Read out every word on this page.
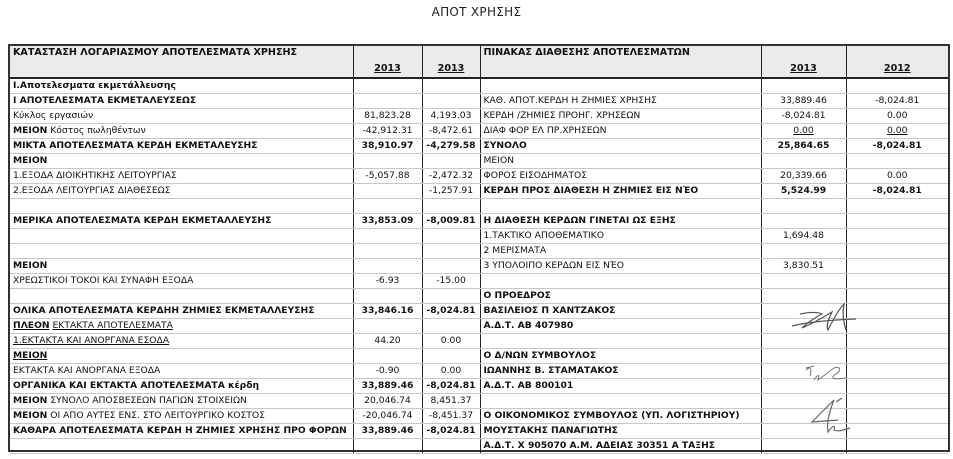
ΑΠΟΤ ΧΡΗΣΗΣ
ΚΑΤΑΣΤΑΣΗ ΛΟΓΑΡΙΑΣΜΟΥ ΑΠΟΤΕΛΕΣΜΑΤΑ ΧΡΗΣΗΣ	2013	2013	ΠΙΝΑΚΑΣ ΔΙΑΘΕΣΗΣ ΑΠΟΤΕΛΕΣΜΑΤΩΝ	2013	2012
Ι.Αποτελεσματα εκμετάλλευσης					
Ι ΑΠΟΤΕΛΕΣΜΑΤΑ ΕΚΜΕΤΑΛΕΥΣΕΩΣ			ΚΑΘ. ΑΠΟΤ.ΚΕΡΔΗ Η ΖΗΜΙΕΣ ΧΡΗΣΗΣ	33,889.46	-8,024.81
Κύκλος εργασιών	81,823.28	4,193.03	ΚΕΡΔΗ /ΖΗΜΙΕΣ ΠΡΟΗΓ. ΧΡΗΣΕΩΝ	-8,024.81	0.00
ΜΕΙΟΝ Κόστος πωληθέντων	-42,912.31	-8,472.61	ΔΙΑΦ ΦΟΡ ΕΛ ΠΡ.ΧΡΗΣΕΩΝ	0.00	0.00
ΜΙΚΤΑ ΑΠΟΤΕΛΕΣΜΑΤΑ ΚΕΡΔΗ ΕΚΜΕΤΑΛΕΥΣΗΣ	38,910.97	-4,279.58	ΣΥΝΟΛΟ	25,864.65	-8,024.81
ΜΕΙΟΝ			ΜΕΙΟΝ		
1.ΕΞΟΔΑ ΔΙΟΙΚΗΤΙΚΗΣ ΛΕΙΤΟΥΡΓΙΑΣ	-5,057.88	-2,472.32	ΦΟΡΟΣ ΕΙΣΟΔΗΜΑΤΟΣ	20,339.66	0.00
2.ΕΞΟΔΑ ΛΕΙΤΟΥΡΓΙΑΣ ΔΙΑΘΕΣΕΩΣ		-1,257.91	ΚΕΡΔΗ ΠΡΟΣ ΔΙΑΘΕΣΗ Η ΖΗΜΙΕΣ ΕΙΣ ΝΈΟ	5,524.99	-8,024.81

ΜΕΡΙΚΑ ΑΠΟΤΕΛΕΣΜΑΤΑ ΚΕΡΔΗ ΕΚΜΕΤΑΛΛΕΥΣΗΣ	33,853.09	-8,009.81	Η ΔΙΑΘΕΣΗ ΚΕΡΔΩΝ ΓΙΝΕΤΑΙ ΩΣ ΕΞΗΣ		
			1.ΤΑΚΤΙΚΟ ΑΠΟΘΕΜΑΤΙΚΟ	1,694.48	
			2 ΜΕΡΙΣΜΑΤΑ		
ΜΕΙΟΝ			3 ΥΠΟΛΟΙΠΟ ΚΕΡΔΩΝ ΕΙΣ ΝΈΟ	3,830.51	
ΧΡΕΩΣΤΙΚΟΙ ΤΟΚΟΙ ΚΑΙ ΣΥΝΑΦΗ ΕΞΟΔΑ	-6.93	-15.00			
			Ο ΠΡΟΕΔΡΟΣ		
ΟΛΙΚΑ ΑΠΟΤΕΛΕΣΜΑΤΑ ΚΕΡΔΗΗ ΖΗΜΙΕΣ ΕΚΜΕΤΑΛΛΕΥΣΗΣ	33,846.16	-8,024.81	ΒΑΣΙΛΕΙΟΣ Π ΧΑΝΤΖΑΚΟΣ		
ΠΛΕΟΝ ΕΚΤΑΚΤΑ ΑΠΟΤΕΛΕΣΜΑΤΑ			Α.Δ.Τ. ΑΒ 407980		
1.ΕΚΤΑΚΤΑ ΚΑΙ ΑΝΟΡΓΑΝΑ ΕΣΟΔΑ	44.20	0.00			
ΜΕΙΟΝ			Ο Δ/ΝΩΝ ΣΥΜΒΟΥΛΟΣ		
ΕΚΤΑΚΤΑ ΚΑΙ ΑΝΟΡΓΑΝΑ ΕΞΟΔΑ	-0.90	0.00	ΙΩΑΝΝΗΣ Β. ΣΤΑΜΑΤΑΚΟΣ		
ΟΡΓΑΝΙΚΑ ΚΑΙ ΕΚΤΑΚΤΑ ΑΠΟΤΕΛΕΣΜΑΤΑ κέρδη	33,889.46	-8,024.81	Α.Δ.Τ. ΑΒ 800101		
ΜΕΙΟΝ ΣΥΝΟΛΟ ΑΠΟΣΒΕΣΕΩΝ ΠΑΓΙΩΝ ΣΤΟΙΧΕΙΩΝ	20,046.74	8,451.37			
ΜΕΙΟΝ ΟΙ ΑΠΟ ΑΥΤΕΣ ΕΝΣ. ΣΤΟ ΛΕΙΤΟΥΡΓΙΚΟ ΚΟΣΤΟΣ	-20,046.74	-8,451.37	Ο ΟΙΚΟΝΟΜΙΚΟΣ ΣΥΜΒΟΥΛΟΣ (ΥΠ. ΛΟΓΙΣΤΗΡΙΟΥ)		
ΚΑΘΑΡΑ ΑΠΟΤΕΛΕΣΜΑΤΑ ΚΕΡΔΗ Η ΖΗΜΙΕΣ ΧΡΗΣΗΣ ΠΡΟ ΦΟΡΩΝ	33,889.46	-8,024.81	ΜΟΥΣΤΑΚΗΣ ΠΑΝΑΓΙΩΤΗΣ		
			Α.Δ.Τ. Χ 905070 Α.Μ. ΑΔΕΙΑΣ 30351 Α ΤΑΞΗΣ		
